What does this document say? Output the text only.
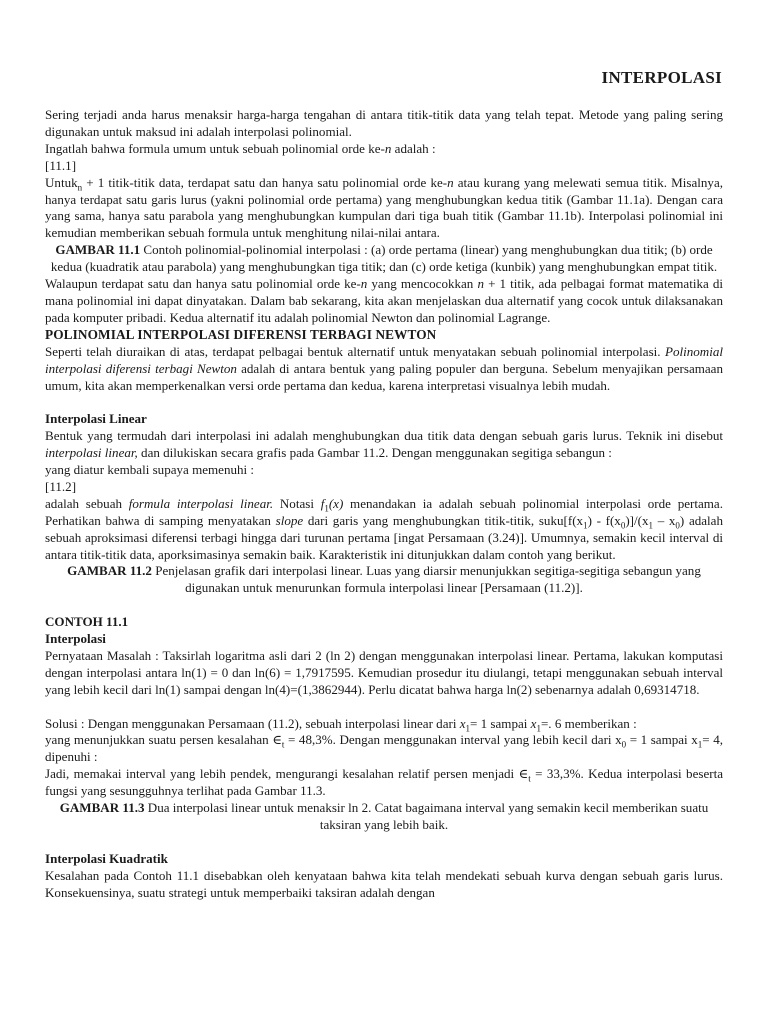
INTERPOLASI

Sering terjadi anda harus menaksir harga-harga tengahan di antara titik-titik data yang telah tepat. Metode yang paling sering digunakan untuk maksud ini adalah interpolasi polinomial.

Ingatlah bahwa formula umum untuk sebuah polinomial orde ke-n adalah :

[11.1]

Untuk$_n$ + 1 titik-titik data, terdapat satu dan hanya satu polinomial orde ke-n atau kurang yang melewati semua titik. Misalnya, hanya terdapat satu garis lurus (yakni polinomial orde pertama) yang menghubungkan kedua titik (Gambar 11.1a). Dengan cara yang sama, hanya satu parabola yang menghubungkan kumpulan dari tiga buah titik (Gambar 11.1b). Interpolasi polinomial ini kemudian memberikan sebuah formula untuk menghitung nilai-nilai antara.

GAMBAR 11.1 Contoh polinomial-polinomial interpolasi : (a) orde pertama (linear) yang menghubungkan dua titik; (b) orde kedua (kuadratik atau parabola) yang menghubungkan tiga titik; dan (c) orde ketiga (kunbik) yang menghubungkan empat titik.

Walaupun terdapat satu dan hanya satu polinomial orde ke-n yang mencocokkan n + 1 titik, ada pelbagai format matematika di mana polinomial ini dapat dinyatakan. Dalam bab sekarang, kita akan menjelaskan dua alternatif yang cocok untuk dilaksanakan pada komputer pribadi. Kedua alternatif itu adalah polinomial Newton dan polinomial Lagrange.

POLINOMIAL INTERPOLASI DIFERENSI TERBAGI NEWTON

Seperti telah diuraikan di atas, terdapat pelbagai bentuk alternatif untuk menyatakan sebuah polinomial interpolasi. Polinomial interpolasi diferensi terbagi Newton adalah di antara bentuk yang paling populer dan berguna. Sebelum menyajikan persamaan umum, kita akan memperkenalkan versi orde pertama dan kedua, karena interpretasi visualnya lebih mudah.

Interpolasi Linear

Bentuk yang termudah dari interpolasi ini adalah menghubungkan dua titik data dengan sebuah garis lurus. Teknik ini disebut interpolasi linear, dan dilukiskan secara grafis pada Gambar 11.2. Dengan menggunakan segitiga sebangun :

yang diatur kembali supaya memenuhi :

[11.2]

adalah sebuah formula interpolasi linear. Notasi $f_1(x)$ menandakan ia adalah sebuah polinomial interpolasi orde pertama. Perhatikan bahwa di samping menyatakan slope dari garis yang menghubungkan titik-titik, $suku[f(x_1) - f(x_0)]/(x_1 - x_0)$ adalah sebuah aproksimasi diferensi terbagi hingga dari turunan pertama [ingat Persamaan (3.24)]. Umumnya, semakin kecil interval di antara titik-titik data, aporksimasinya semakin baik. Karakteristik ini ditunjukkan dalam contoh yang berikut.

GAMBAR 11.2 Penjelasan grafik dari interpolasi linear. Luas yang diarsir menunjukkan segitiga-segitiga sebangun yang digunakan untuk menurunkan formula interpolasi linear [Persamaan (11.2)].

CONTOH 11.1

Interpolasi

Pernyataan Masalah : Taksirlah logaritma asli dari 2 (ln 2) dengan menggunakan interpolasi linear. Pertama, lakukan komputasi dengan interpolasi antara ln(1) = 0 dan ln(6) = 1,7917595. Kemudian prosedur itu diulangi, tetapi menggunakan sebuah interval yang lebih kecil dari ln(1) sampai dengan ln(4)=(1,3862944). Perlu dicatat bahwa harga ln(2) sebenarnya adalah 0,69314718.

Solusi : Dengan menggunakan Persamaan (11.2), sebuah interpolasi linear dari $x_1= 1$ sampai $x_1=$. 6 memberikan :

yang menunjukkan suatu persen kesalahan $\in_t = 48,3\%$. Dengan menggunakan interval yang lebih kecil dari $x_0 = 1$ sampai $x_1= 4$, dipenuhi :

Jadi, memakai interval yang lebih pendek, mengurangi kesalahan relatif persen menjadi $\in_t = 33,3\%$. Kedua interpolasi beserta fungsi yang sesungguhnya terlihat pada Gambar 11.3.

GAMBAR 11.3 Dua interpolasi linear untuk menaksir ln 2. Catat bagaimana interval yang semakin kecil memberikan suatu taksiran yang lebih baik.

Interpolasi Kuadratik

Kesalahan pada Contoh 11.1 disebabkan oleh kenyataan bahwa kita telah mendekati sebuah kurva dengan sebuah garis lurus. Konsekuensinya, suatu strategi untuk memperbaiki taksiran adalah dengan
